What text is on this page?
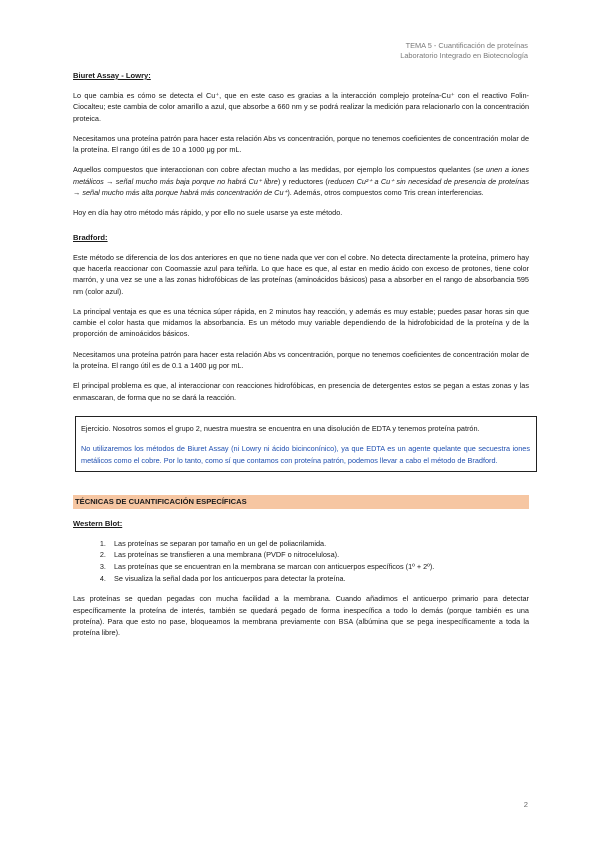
TEMA 5 - Cuantificación de proteínas
Laboratorio Integrado en Biotecnología

Biuret Assay - Lowry:

Lo que cambia es cómo se detecta el Cu⁺, que en este caso es gracias a la interacción complejo proteína-Cu⁺ con el reactivo Folin-Ciocalteu; este cambia de color amarillo a azul, que absorbe a 660 nm y se podrá realizar la medición para relacionarlo con la concentración proteica.

Necesitamos una proteína patrón para hacer esta relación Abs vs concentración, porque no tenemos coeficientes de concentración molar de la proteína. El rango útil es de 10 a 1000 μg por mL.

Aquellos compuestos que interaccionan con cobre afectan mucho a las medidas, por ejemplo los compuestos quelantes (se unen a iones metálicos → señal mucho más baja porque no habrá Cu⁺ libre) y reductores (reducen Cu²⁺ a Cu⁺ sin necesidad de presencia de proteínas → señal mucho más alta porque habrá más concentración de Cu⁺). Además, otros compuestos como Tris crean interferencias.

Hoy en día hay otro método más rápido, y por ello no suele usarse ya este método.

Bradford:

Este método se diferencia de los dos anteriores en que no tiene nada que ver con el cobre. No detecta directamente la proteína, primero hay que hacerla reaccionar con Coomassie azul para teñirla. Lo que hace es que, al estar en medio ácido con exceso de protones, tiene color marrón, y una vez se une a las zonas hidrofóbicas de las proteínas (aminoácidos básicos) pasa a absorber en el rango de absorbancia 595 nm (color azul).

La principal ventaja es que es una técnica súper rápida, en 2 minutos hay reacción, y además es muy estable; puedes pasar horas sin que cambie el color hasta que midamos la absorbancia. Es un método muy variable dependiendo de la hidrofobicidad de la proteína y de la proporción de aminoácidos básicos.

Necesitamos una proteína patrón para hacer esta relación Abs vs concentración, porque no tenemos coeficientes de concentración molar de la proteína. El rango útil es de 0.1 a 1400 μg por mL.

El principal problema es que, al interaccionar con reacciones hidrofóbicas, en presencia de detergentes estos se pegan a estas zonas y las enmascaran, de forma que no se dará la reacción.

Ejercicio. Nosotros somos el grupo 2, nuestra muestra se encuentra en una disolución de EDTA y tenemos proteína patrón.

No utilizaremos los métodos de Biuret Assay (ni Lowry ni ácido bicinconínico), ya que EDTA es un agente quelante que secuestra iones metálicos como el cobre. Por lo tanto, como sí que contamos con proteína patrón, podemos llevar a cabo el método de Bradford.

TÉCNICAS DE CUANTIFICACIÓN ESPECÍFICAS

Western Blot:

1. Las proteínas se separan por tamaño en un gel de poliacrilamida.
2. Las proteínas se transfieren a una membrana (PVDF o nitrocelulosa).
3. Las proteínas que se encuentran en la membrana se marcan con anticuerpos específicos (1º + 2º).
4. Se visualiza la señal dada por los anticuerpos para detectar la proteína.

Las proteínas se quedan pegadas con mucha facilidad a la membrana. Cuando añadimos el anticuerpo primario para detectar específicamente la proteína de interés, también se quedará pegado de forma inespecífica a todo lo demás (porque también es una proteína). Para que esto no pase, bloqueamos la membrana previamente con BSA (albúmina que se pega inespecíficamente a toda la proteína libre).

2
